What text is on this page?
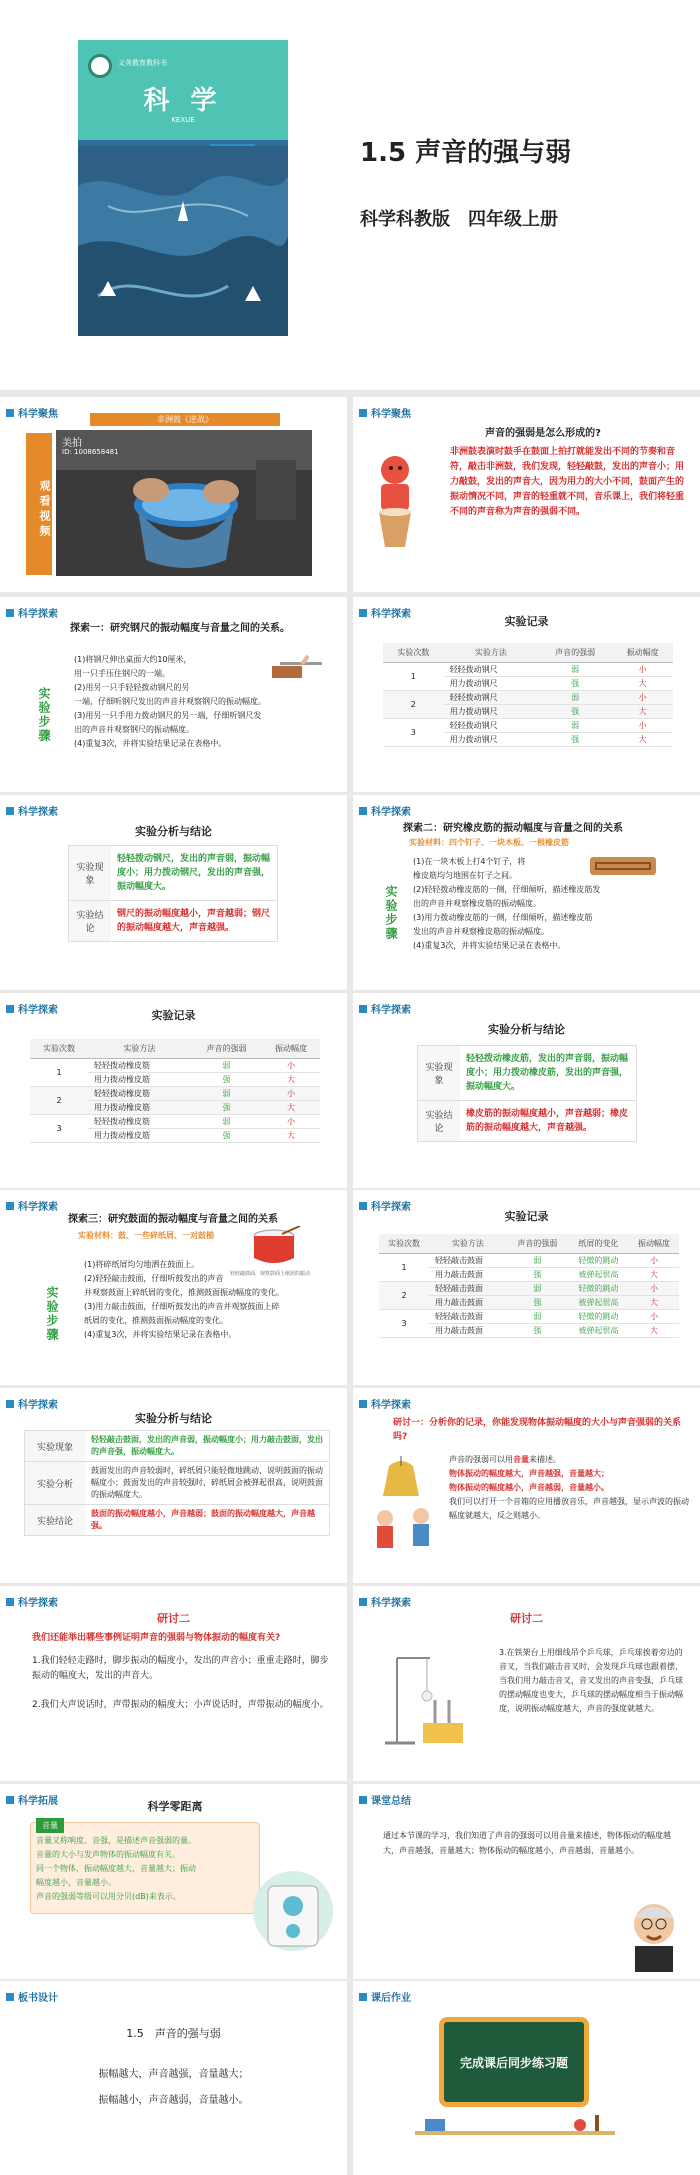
义务教育教科书
科 学
KEXUE
1.5 声音的强与弱
科学科教版　四年级上册
科学聚焦
观看视频
非洲鼓《逆战》
美拍
ID: 1008658481
科学聚焦
声音的强弱是怎么形成的?
非洲鼓表演时鼓手在鼓面上拍打就能发出不同的节奏和音符，敲击非洲鼓，我们发现，轻轻敲鼓，发出的声音小；用力敲鼓，发出的声音大，因为用力的大小不同，鼓面产生的振动情况不同，声音的轻重就不同，音乐课上，我们将轻重不同的声音称为声音的强弱不同。
科学探索
探索一：研究钢尺的振动幅度与音量之间的关系。
实验步骤

(1)将钢尺伸出桌面大约10厘米，

用一只手压住钢尺的一端。

(2)用另一只手轻轻拨动钢尺的另

一端，仔细听钢尺发出的声音并观察钢尺的振动幅度。

(3)用另一只手用力拨动钢尺的另一端，仔细听钢尺发

出的声音并观察钢尺的振动幅度。

(4)重复3次，并将实验结果记录在表格中。

科学探索
实验记录
实验次数	实验方法	声音的强弱	振动幅度
1	轻轻拨动钢尺	弱	小
	用力拨动钢尺	强	大
2	轻轻拨动钢尺	弱	小
	用力拨动钢尺	强	大
3	轻轻拨动钢尺	弱	小
	用力拨动钢尺	强	大
科学探索
实验分析与结论
实验现象
轻轻拨动钢尺，发出的声音弱，振动幅度小；用力拨动钢尺，发出的声音强，振动幅度大。
实验结论
钢尺的振动幅度越小，声音越弱；钢尺的振动幅度越大，声音越强。
科学探索
探索二：研究橡皮筋的振动幅度与音量之间的关系
实验材料：四个钉子、一块木板、一根橡皮筋
实验步骤

(1)在一块木板上打4个钉子，将

橡皮筋均匀地围在钉子之间。

(2)轻轻拨动橡皮筋的一侧，仔细倾听，描述橡皮筋发

出的声音并观察橡皮筋的振动幅度。

(3)用力拨动橡皮筋的一侧，仔细倾听，描述橡皮筋

发出的声音并观察橡皮筋的振动幅度。

(4)重复3次，并将实验结果记录在表格中。

科学探索	实验记录
实验次数	实验方法	声音的强弱	振动幅度
1	轻轻拨动橡皮筋	弱	小
	用力拨动橡皮筋	强	大
2	轻轻拨动橡皮筋	弱	小
	用力拨动橡皮筋	强	大
3	轻轻拨动橡皮筋	弱	小
	用力拨动橡皮筋	强	大
科学探索
实验分析与结论
实验现象
轻轻拨动橡皮筋，发出的声音弱，振动幅度小；用力拨动橡皮筋，发出的声音强，振动幅度大。
实验结论
橡皮筋的振动幅度越小，声音越弱；橡皮筋的振动幅度越大，声音越强。
科学探索
探索三：研究鼓面的振动幅度与音量之间的关系
实验材料：鼓、一些碎纸屑、一对鼓槌
实验步骤
轻轻敲鼓面，观察鼓面上纸屑的振动

(1)将碎纸屑均匀地洒在鼓面上。

(2)轻轻敲击鼓面，仔细听鼓发出的声音

并观察鼓面上碎纸屑的变化，推测鼓面振动幅度的变化。

(3)用力敲击鼓面，仔细听鼓发出的声音并观察鼓面上碎

纸屑的变化，推测鼓面振动幅度的变化。

(4)重复3次，并将实验结果记录在表格中。

科学探索
实验记录
实验次数	实验方法	声音的强弱	纸屑的变化	振动幅度
1	轻轻敲击鼓面	弱	轻微的跳动	小
	用力敲击鼓面	强	被弹起很高	大
2	轻轻敲击鼓面	弱	轻微的跳动	小
	用力敲击鼓面	强	被弹起很高	大
3	轻轻敲击鼓面	弱	轻微的跳动	小
	用力敲击鼓面	强	被弹起很高	大
科学探索
实验分析与结论
实验现象
轻轻敲击鼓面，发出的声音弱，振动幅度小；用力敲击鼓面，发出的声音强，振动幅度大。
实验分析
鼓面发出的声音较弱时，碎纸屑只能轻微地跳动，说明鼓面的振动幅度小；鼓面发出的声音较强时，碎纸屑会被弹起很高，说明鼓面的振动幅度大。
实验结论
鼓面的振动幅度越小，声音越弱；鼓面的振动幅度越大，声音越强。
科学探索
研讨一：分析你的记录，你能发现物体振动幅度的大小与声音强弱的关系吗?

声音的强弱可以用音量来描述。

物体振动的幅度越大，声音越强，音量越大；

物体振动的幅度越小，声音越弱，音量越小。

我们可以打开一个音箱的应用播放音乐，声音越强，显示声波的振动幅度就越大，反之则越小。

科学探索
研讨二
我们还能举出哪些事例证明声音的强弱与物体振动的幅度有关?
1.我们轻轻走路时，脚步振动的幅度小，发出的声音小；重重走路时，脚步振动的幅度大，发出的声音大。
2.我们大声说话时，声带振动的幅度大；小声说话时，声带振动的幅度小。
科学探索
研讨二
3.在铁架台上用细线吊个乒乓球，乒乓球挨着旁边的音叉，当我们敲击音叉时，会发现乒乓球也跟着摆，当我们用力敲击音叉，音叉发出的声音变强，乒乓球的摆动幅度也变大，乒乓球的摆动幅度相当于振动幅度，说明振动幅度越大，声音的强度就越大。
科学拓展	科学零距离
音量

音量又称响度、音强，是描述声音强弱的量。

音量的大小与发声物体的振动幅度有关。

同一个物体，振动幅度越大，音量越大；振动

幅度越小，音量越小。

声音的强弱等级可以用分贝(dB)来表示。

课堂总结
通过本节课的学习，我们知道了声音的强弱可以用音量来描述，物体振动的幅度越大，声音越强，音量越大；物体振动的幅度越小，声音越弱，音量越小。
板书设计
1.5　声音的强与弱
振幅越大，声音越强，音量越大；
振幅越小，声音越弱，音量越小。
课后作业
完成课后同步练习题
